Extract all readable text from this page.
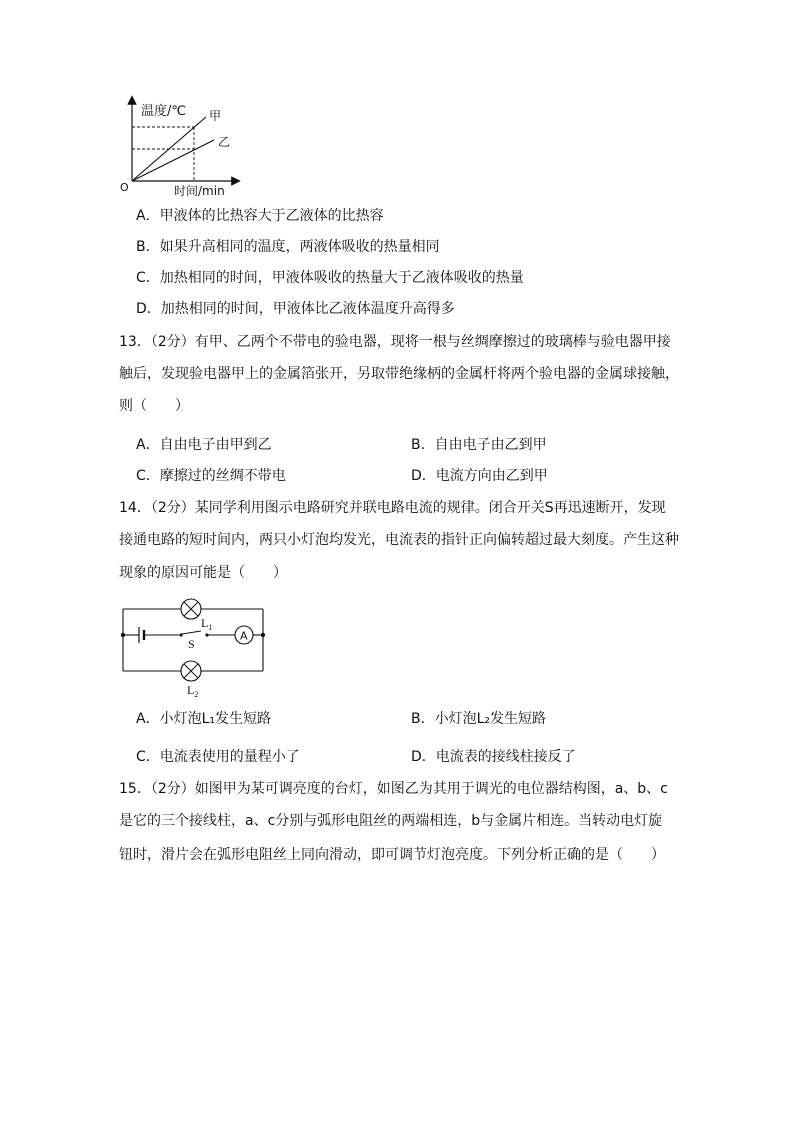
温度/℃
时间/min
O
甲
乙
A．甲液体的比热容大于乙液体的比热容
B．如果升高相同的温度，两液体吸收的热量相同
C．加热相同的时间，甲液体吸收的热量大于乙液体吸收的热量
D．加热相同的时间，甲液体比乙液体温度升高得多
13．（2分）有甲、乙两个不带电的验电器，现将一根与丝绸摩擦过的玻璃棒与验电器甲接
触后，发现验电器甲上的金属箔张开，另取带绝缘柄的金属杆将两个验电器的金属球接触，
则（　　）
A．自由电子由甲到乙	B．自由电子由乙到甲
C．摩擦过的丝绸不带电	D．电流方向由乙到甲
14．（2分）某同学利用图示电路研究并联电路电流的规律。闭合开关S再迅速断开，发现
接通电路的短时间内，两只小灯泡均发光，电流表的指针正向偏转超过最大刻度。产生这种
现象的原因可能是（　　）
$L_1$
$L_2$
S
A
A．小灯泡L₁发生短路	B．小灯泡L₂发生短路
C．电流表使用的量程小了	D．电流表的接线柱接反了
15．（2分）如图甲为某可调亮度的台灯，如图乙为其用于调光的电位器结构图，a、b、c
是它的三个接线柱，a、c分别与弧形电阻丝的两端相连，b与金属片相连。当转动电灯旋
钮时，滑片会在弧形电阻丝上同向滑动，即可调节灯泡亮度。下列分析正确的是（　　）
